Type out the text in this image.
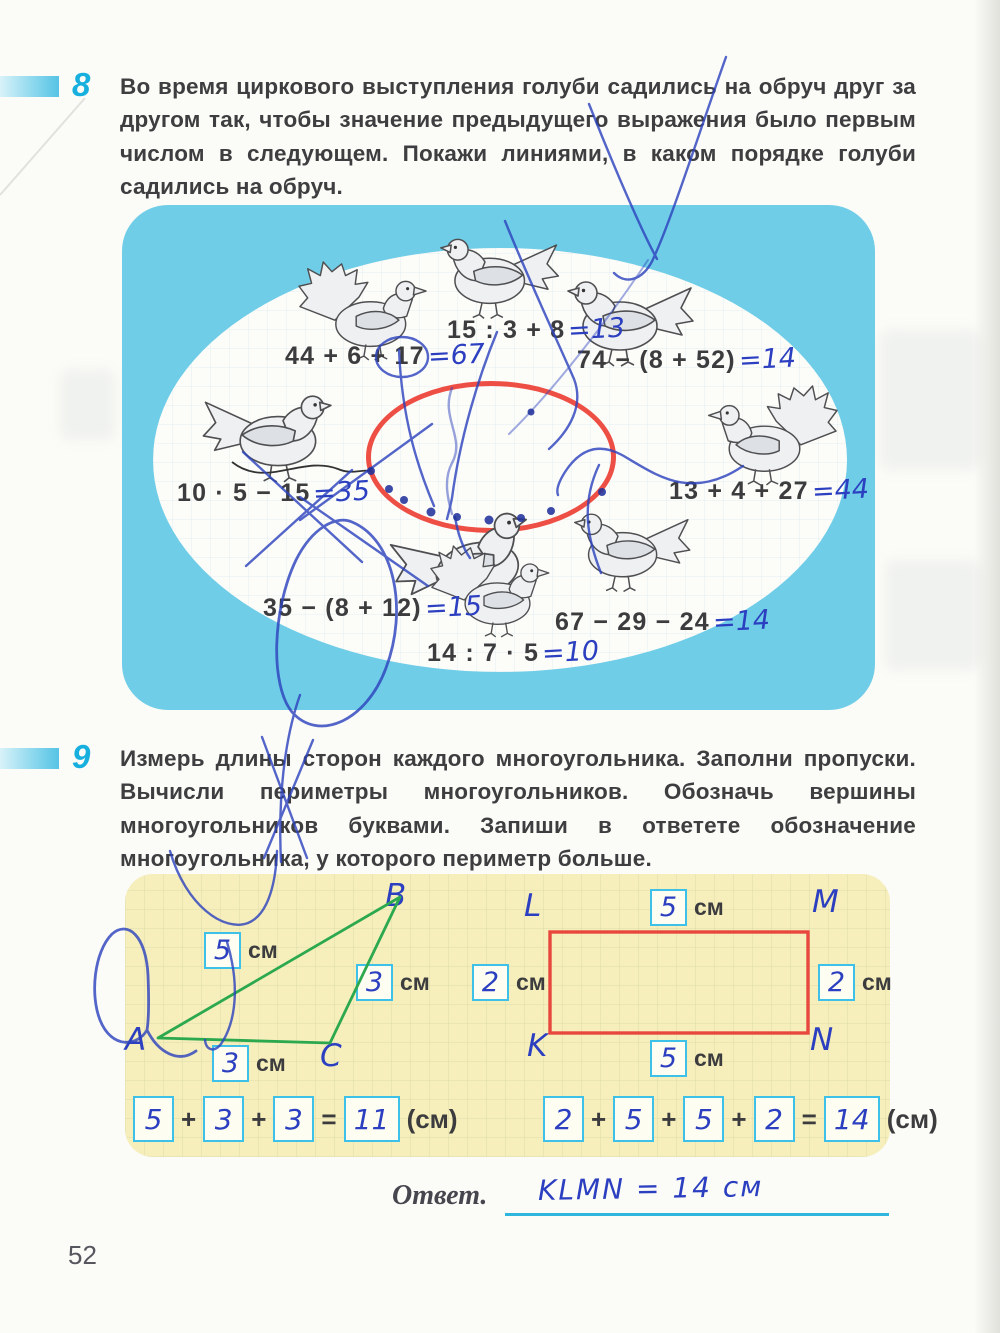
8 Во время циркового выступления голуби садились на обруч друг за другом так, чтобы значение предыдущего выражения было первым числом в следующем. Покажи линиями, в каком порядке голуби садились на обруч.
44 + 6 + 17 =67
15 : 3 + 8 =13
74 − (8 + 52) =14
10 · 5 − 15 =35	13 + 4 + 27 =44
35 − (8 + 12) =15	67 − 29 − 24 =14
14 : 7 · 5 =10
9 Измерь длины сторон каждого многоугольника. Заполни пропуски. Вычисли периметры многоугольников. Обозначь вершины многоугольников буквами. Запиши в ответете обозначение многоугольника, у которого периметр больше.
5 см
3 см
3 см
5 см
2 см	2 см
5 см
A
B
C
L	M
K	N
5 + 3 + 3 = 11 (см)	2 + 5 + 5 + 2 = 14 (см)
Ответ. KLMN = 14 см
52
